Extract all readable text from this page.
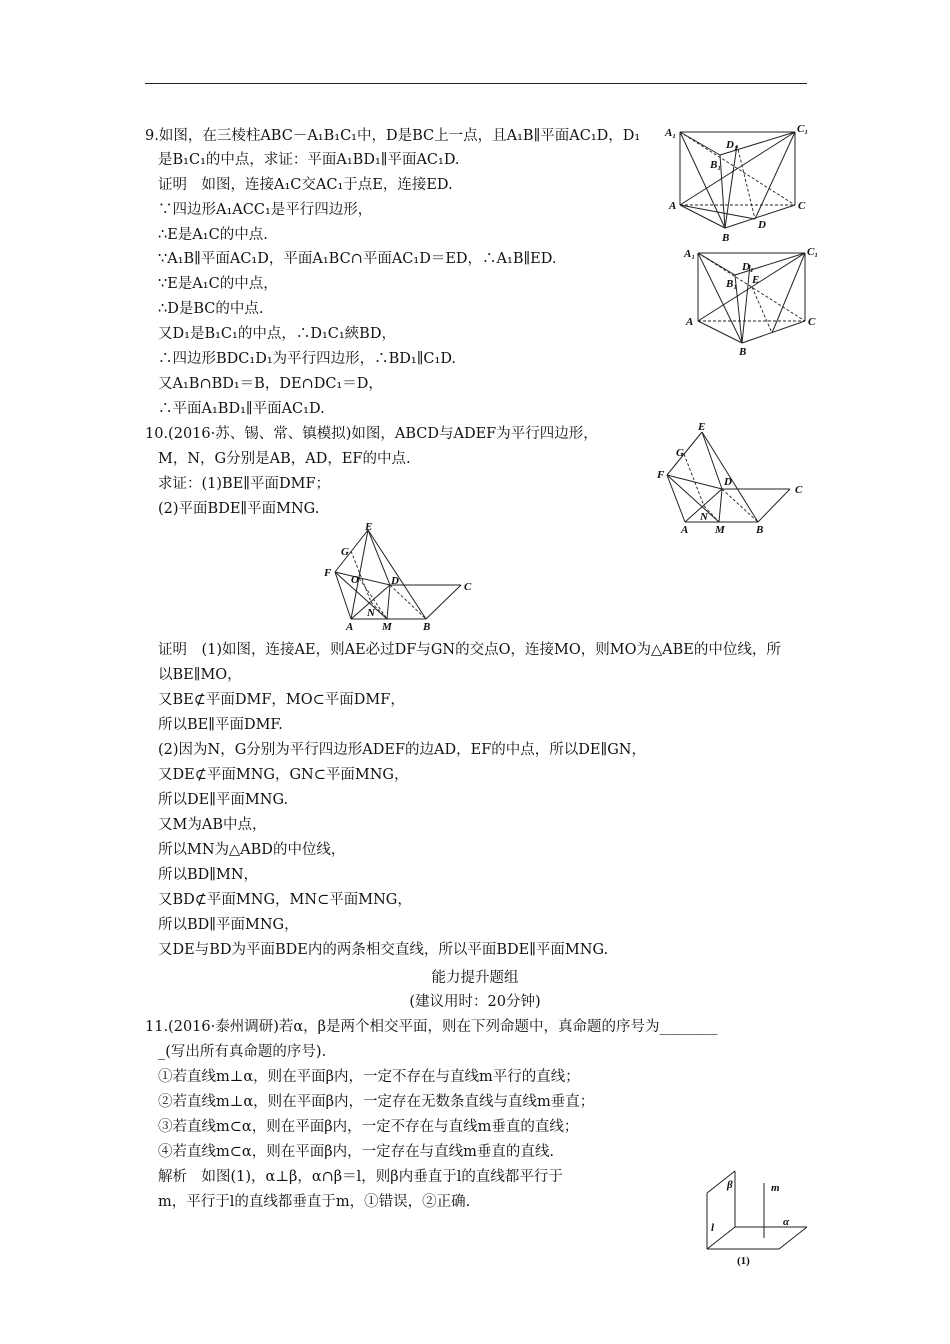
9.如图，在三棱柱ABC－A₁B₁C₁中，D是BC上一点，且A₁B∥平面AC₁D，D₁
是B₁C₁的中点，求证：平面A₁BD₁∥平面AC₁D.
证明　如图，连接A₁C交AC₁于点E，连接ED.
∵四边形A₁ACC₁是平行四边形，
∴E是A₁C的中点.
∵A₁B∥平面AC₁D，平面A₁BC∩平面AC₁D＝ED，∴A₁B∥ED.
∵E是A₁C的中点，
∴D是BC的中点.
又D₁是B₁C₁的中点，∴D₁C₁綊BD，
∴四边形BDC₁D₁为平行四边形，∴BD₁∥C₁D.
又A₁B∩BD₁＝B，DE∩DC₁＝D，
∴平面A₁BD₁∥平面AC₁D.
10.(2016·苏、锡、常、镇模拟)如图，ABCD与ADEF为平行四边形，
M，N，G分别是AB，AD，EF的中点.
求证：(1)BE∥平面DMF；
(2)平面BDE∥平面MNG.
证明　(1)如图，连接AE，则AE必过DF与GN的交点O，连接MO，则MO为△ABE的中位线，所
以BE∥MO，
又BE⊄平面DMF，MO⊂平面DMF，
所以BE∥平面DMF.
(2)因为N，G分别为平行四边形ADEF的边AD，EF的中点，所以DE∥GN，
又DE⊄平面MNG，GN⊂平面MNG，
所以DE∥平面MNG.
又M为AB中点，
所以MN为△ABD的中位线，
所以BD∥MN，
又BD⊄平面MNG，MN⊂平面MNG，
所以BD∥平面MNG，
又DE与BD为平面BDE内的两条相交直线，所以平面BDE∥平面MNG.
能力提升题组
(建议用时：20分钟)
11.(2016·泰州调研)若α，β是两个相交平面，则在下列命题中，真命题的序号为________
_(写出所有真命题的序号).
①若直线m⊥α，则在平面β内，一定不存在与直线m平行的直线；
②若直线m⊥α，则在平面β内，一定存在无数条直线与直线m垂直；
③若直线m⊂α，则在平面β内，一定不存在与直线m垂直的直线；
④若直线m⊂α，则在平面β内，一定存在与直线m垂直的直线.
解析　如图(1)，α⊥β，α∩β＝l，则β内垂直于l的直线都平行于
m，平行于l的直线都垂直于m，①错误，②正确.
A₁	C₁
D₁
B₁
A	C
D
B
A₁	C₁
D₁
E
B₁
A	C
B
E
G
F
D
C
N
A M	B
E
G
F
O	D	C
N
A	M	B
β	m
l	α
(1)
